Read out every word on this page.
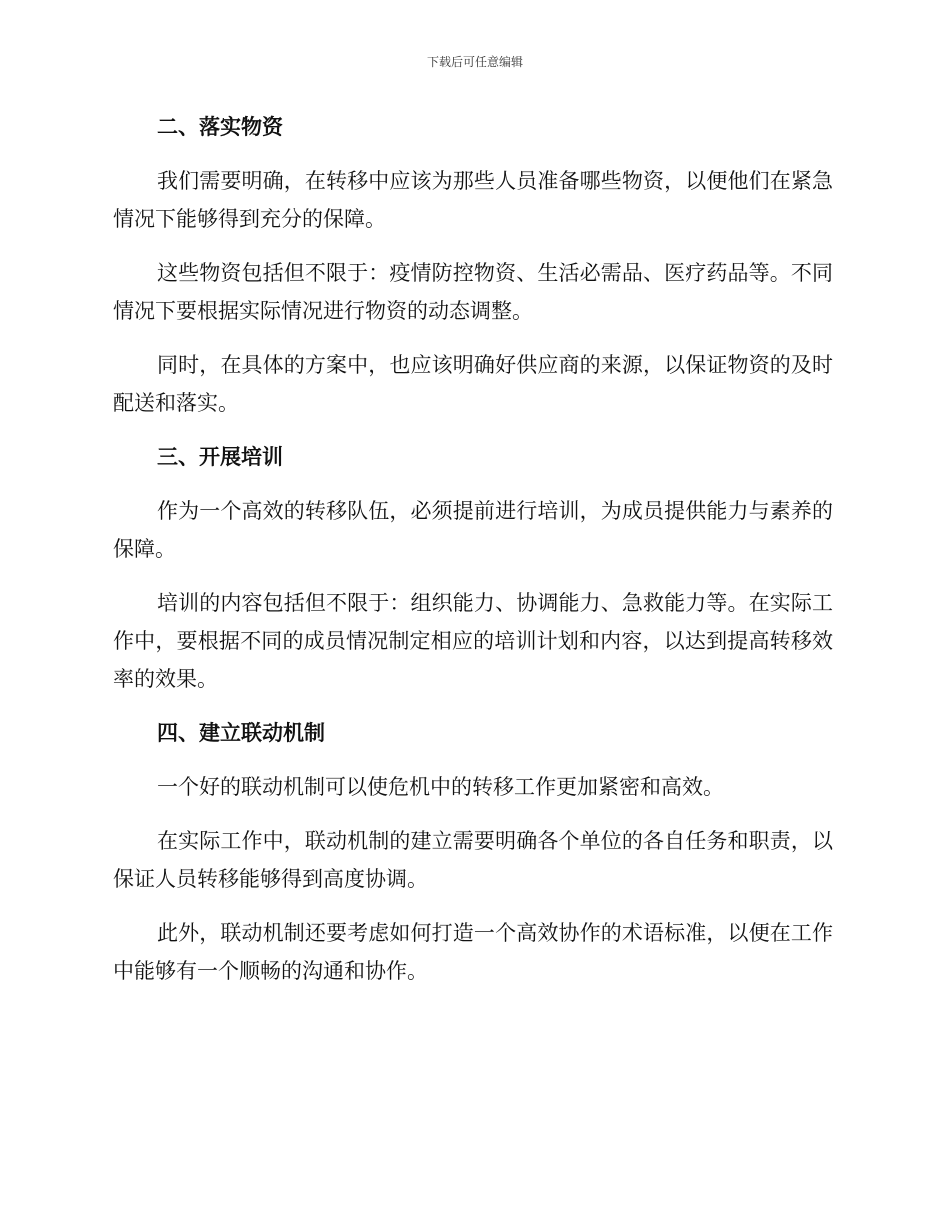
下载后可任意编辑
二、落实物资

我们需要明确，在转移中应该为那些人员准备哪些物资，以便他们在紧急情况下能够得到充分的保障。

这些物资包括但不限于：疫情防控物资、生活必需品、医疗药品等。不同情况下要根据实际情况进行物资的动态调整。

同时，在具体的方案中，也应该明确好供应商的来源，以保证物资的及时配送和落实。

三、开展培训

作为一个高效的转移队伍，必须提前进行培训，为成员提供能力与素养的保障。

培训的内容包括但不限于：组织能力、协调能力、急救能力等。在实际工作中，要根据不同的成员情况制定相应的培训计划和内容，以达到提高转移效率的效果。

四、建立联动机制

一个好的联动机制可以使危机中的转移工作更加紧密和高效。

在实际工作中，联动机制的建立需要明确各个单位的各自任务和职责，以保证人员转移能够得到高度协调。

此外，联动机制还要考虑如何打造一个高效协作的术语标准，以便在工作中能够有一个顺畅的沟通和协作。
